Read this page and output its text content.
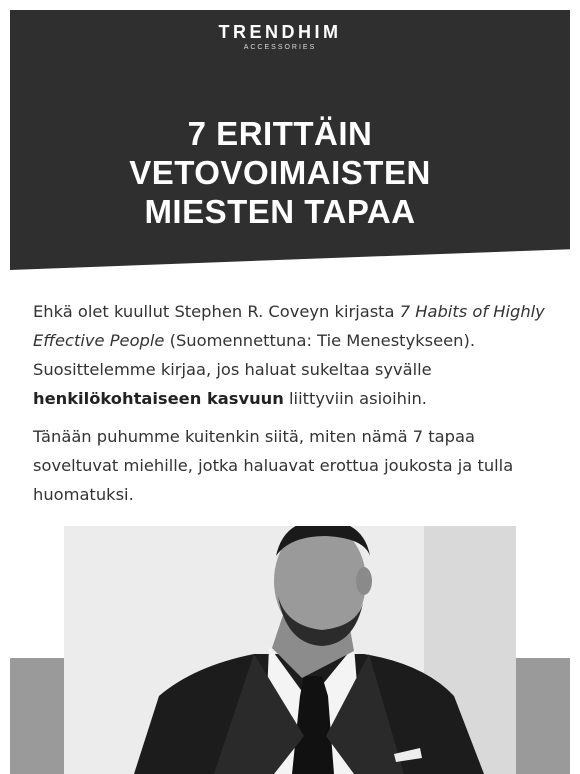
TRENDHIM
ACCESSORIES
7 ERITTÄIN
VETOVOIMAISTEN
MIESTEN TAPAA

Ehkä olet kuullut Stephen R. Coveyn kirjasta 7 Habits of Highly Effective People (Suomennettuna: Tie Menestykseen). Suosittelemme kirjaa, jos haluat sukeltaa syvälle henkilökohtaiseen kasvuun liittyviin asioihin.

Tänään puhumme kuitenkin siitä, miten nämä 7 tapaa soveltuvat miehille, jotka haluavat erottua joukosta ja tulla huomatuksi.
